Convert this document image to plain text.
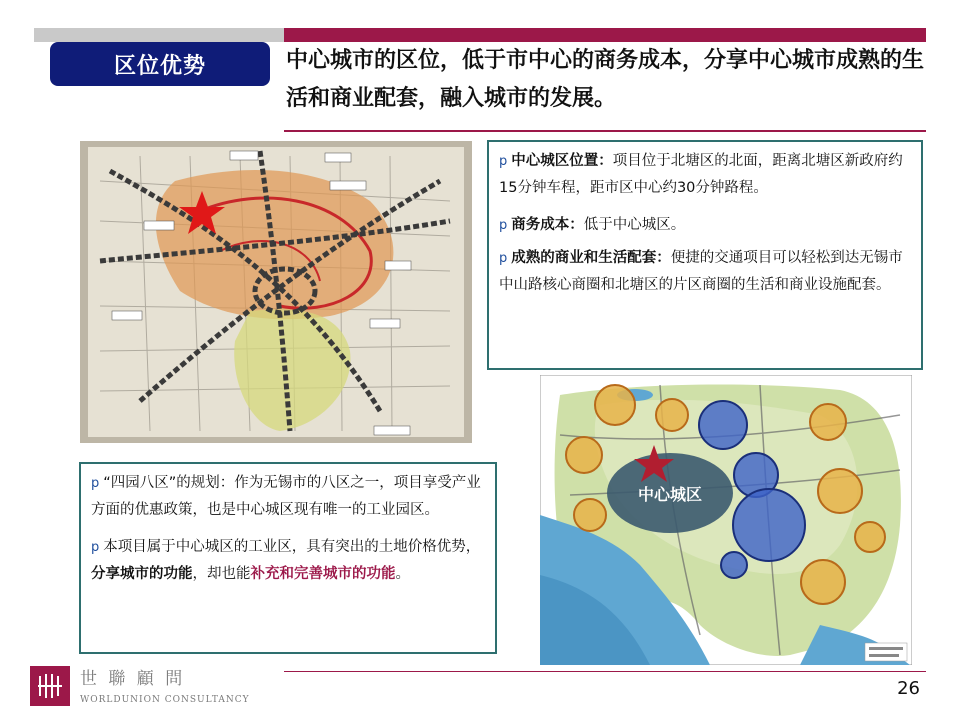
区位优势	中心城市的区位，低于市中心的商务成本，分享中心城市成熟的生活和商业配套，融入城市的发展。

p 中心城区位置：项目位于北塘区的北面，距离北塘区新政府约15分钟车程，距市区中心约30分钟路程。

p 商务成本：低于中心城区。

p 成熟的商业和生活配套：便捷的交通项目可以轻松到达无锡市中山路核心商圈和北塘区的片区商圈的生活和商业设施配套。

中心城区

p “四园八区”的规划：作为无锡市的八区之一，项目享受产业方面的优惠政策，也是中心城区现有唯一的工业园区。

p 本项目属于中心城区的工业区，具有突出的土地价格优势，分享城市的功能，却也能补充和完善城市的功能。

世 聯 顧 問
WORLDUNION CONSULTANCY
26
